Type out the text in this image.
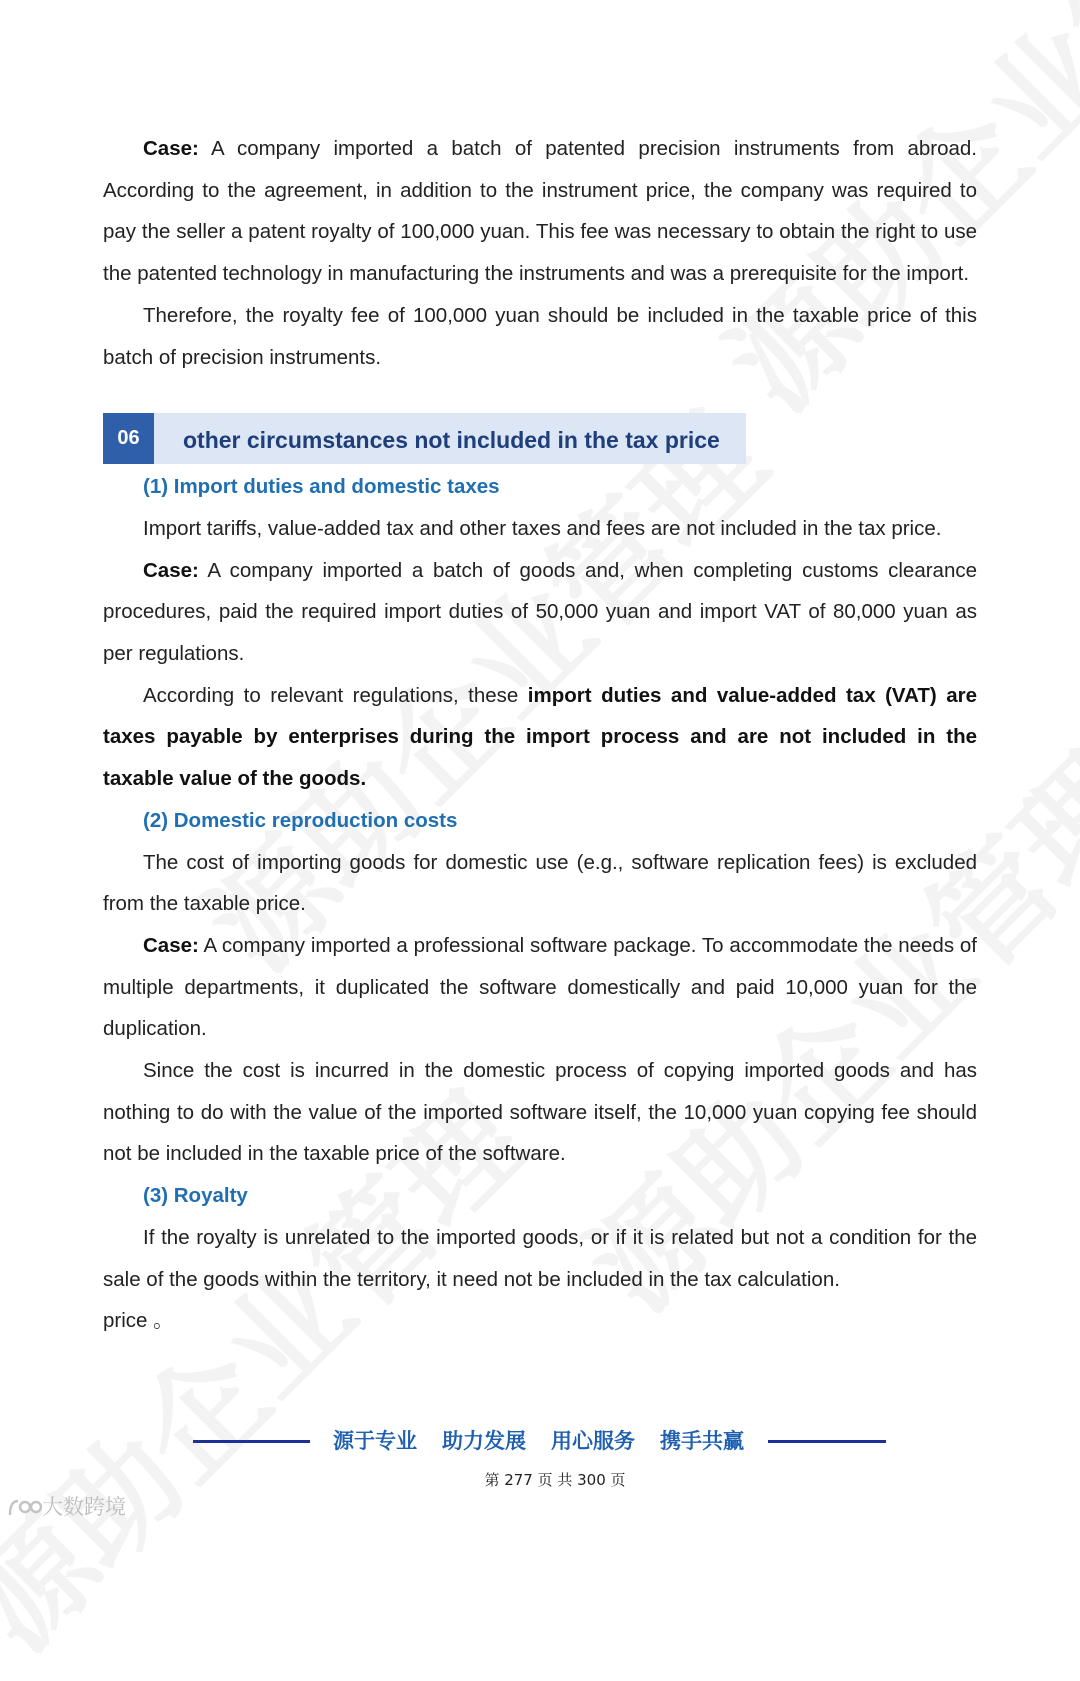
Case: A company imported a batch of patented precision instruments from abroad. According to the agreement, in addition to the instrument price, the company was required to pay the seller a patent royalty of 100,000 yuan. This fee was necessary to obtain the right to use the patented technology in manufacturing the instruments and was a prerequisite for the import.

Therefore, the royalty fee of 100,000 yuan should be included in the taxable price of this batch of precision instruments.

06	other circumstances not included in the tax price

(1) Import duties and domestic taxes

Import tariffs, value-added tax and other taxes and fees are not included in the tax price.

Case: A company imported a batch of goods and, when completing customs clearance procedures, paid the required import duties of 50,000 yuan and import VAT of 80,000 yuan as per regulations.

According to relevant regulations, these import duties and value-added tax (VAT) are taxes payable by enterprises during the import process and are not included in the taxable value of the goods.

(2) Domestic reproduction costs

The cost of importing goods for domestic use (e.g., software replication fees) is excluded from the taxable price.

Case: A company imported a professional software package. To accommodate the needs of multiple departments, it duplicated the software domestically and paid 10,000 yuan for the duplication.

Since the cost is incurred in the domestic process of copying imported goods and has nothing to do with the value of the imported software itself, the 10,000 yuan copying fee should not be included in the taxable price of the software.

(3) Royalty

If the royalty is unrelated to the imported goods, or if it is related but not a condition for the sale of the goods within the territory, it need not be included in the tax calculation.

price 。

源于专业 助力发展 用心服务 携手共赢
第 277 页 共 300 页
大数跨境
